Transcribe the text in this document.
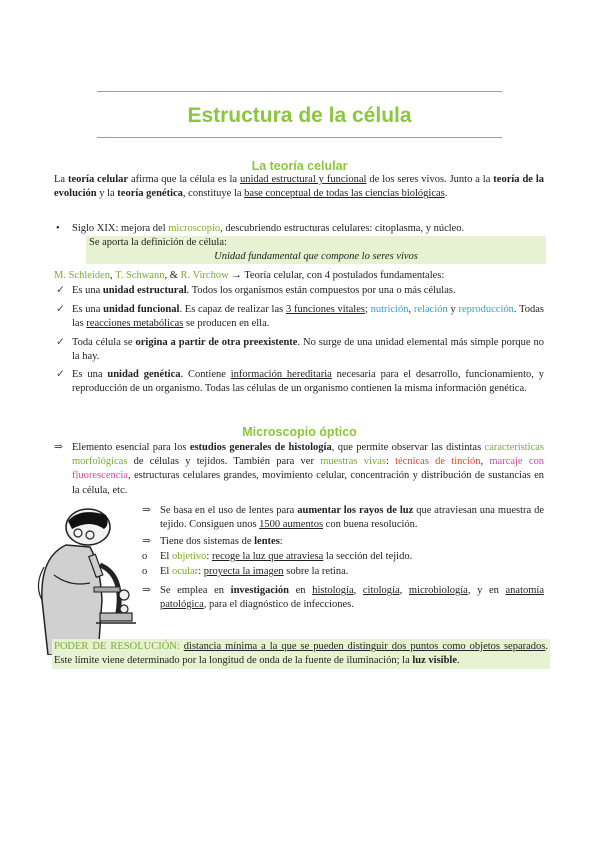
Estructura de la célula
La teoría celular
La teoría celular afirma que la célula es la unidad estructural y funcional de los seres vivos. Junto a la teoría de la evolución y la teoría genética, constituye la base conceptual de todas las ciencias biológicas.
•	Siglo XIX: mejora del microscopio, descubriendo estructuras celulares: citoplasma, y núcleo.
Se aporta la definición de célula:
Unidad fundamental que compone lo seres vivos
M. Schleiden, T. Schwann, & R. Virchow → Teoría celular, con 4 postulados fundamentales:
✓ Es una unidad estructural. Todos los organismos están compuestos por una o más células.
✓ Es una unidad funcional. Es capaz de realizar las 3 funciones vitales; nutrición, relación y reproducción. Todas las reacciones metabólicas se producen en ella.
✓ Toda célula se origina a partir de otra preexistente. No surge de una unidad elemental más simple porque no la hay.
✓ Es una unidad genética. Contiene información hereditaria necesaria para el desarrollo, funcionamiento, y reproducción de un organismo. Todas las células de un organismo contienen la misma información genética.
Microscopio óptico
⇒ Elemento esencial para los estudios generales de histología, que permite observar las distintas características morfológicas de células y tejidos. También para ver muestras vivas: técnicas de tinción, marcaje con fluorescencia, estructuras celulares grandes, movimiento celular, concentración y distribución de sustancias en la célula, etc.
⇒ Se basa en el uso de lentes para aumentar los rayos de luz que atraviesan una muestra de tejido. Consiguen unos 1500 aumentos con buena resolución.
⇒ Tiene dos sistemas de lentes:
o	El objetivo: recoge la luz que atraviesa la sección del tejido.
o	El ocular: proyecta la imagen sobre la retina.
⇒ Se emplea en investigación en histología, citología, microbiología, y en anatomía patológica, para el diagnóstico de infecciones.
PODER DE RESOLUCIÓN: distancia mínima a la que se pueden distinguir dos puntos como objetos separados. Este límite viene determinado por la longitud de onda de la fuente de iluminación; la luz visible.
